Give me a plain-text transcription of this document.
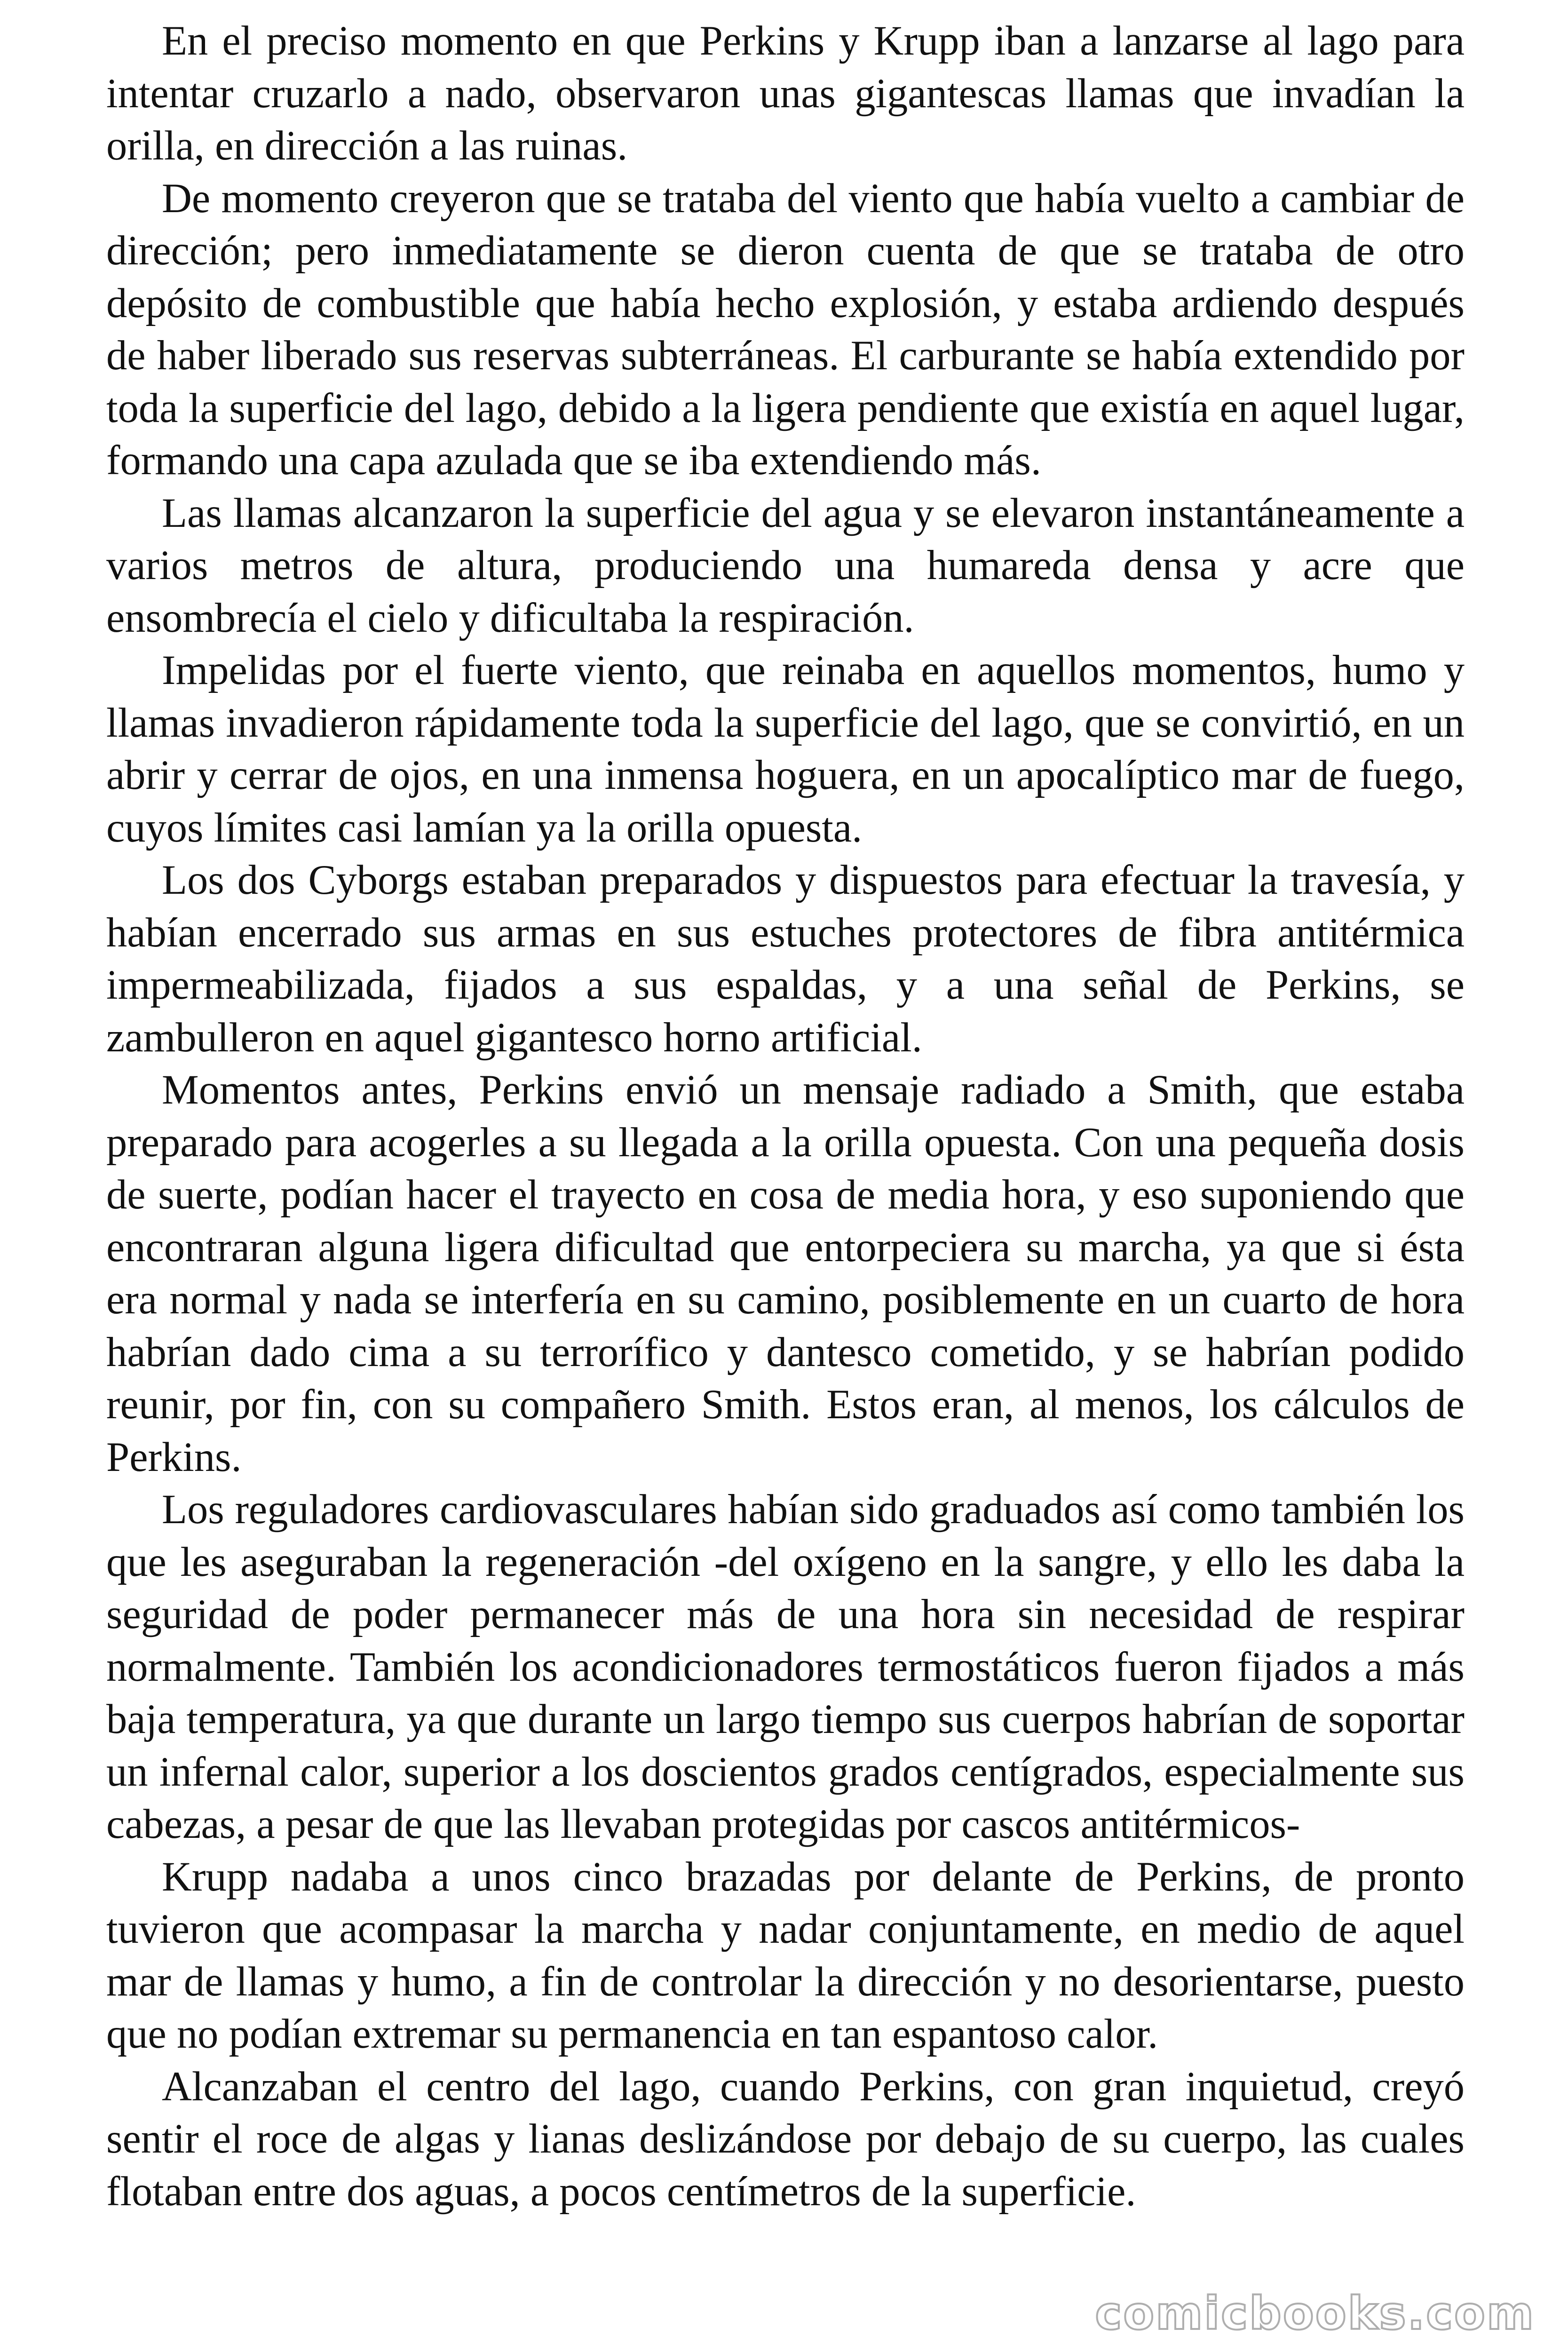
En el preciso momento en que Perkins y Krupp iban a lanzarse al lago para intentar cruzarlo a nado, observaron unas gigantescas llamas que invadían la orilla, en dirección a las ruinas.

De momento creyeron que se trataba del viento que había vuelto a cambiar de dirección; pero inmediatamente se dieron cuenta de que se trataba de otro depósito de combustible que había hecho explosión, y estaba ardiendo después de haber liberado sus reservas subterráneas. El carburante se había extendido por toda la superficie del lago, debido a la ligera pendiente que existía en aquel lugar, formando una capa azulada que se iba extendiendo más.

Las llamas alcanzaron la superficie del agua y se elevaron instantáneamente a varios metros de altura, produciendo una humareda densa y acre que ensombrecía el cielo y dificultaba la respiración.

Impelidas por el fuerte viento, que reinaba en aquellos momentos, humo y llamas invadieron rápidamente toda la superficie del lago, que se convirtió, en un abrir y cerrar de ojos, en una inmensa hoguera, en un apocalíptico mar de fuego, cuyos límites casi lamían ya la orilla opuesta.

Los dos Cyborgs estaban preparados y dispuestos para efectuar la travesía, y habían encerrado sus armas en sus estuches protectores de fibra antitérmica impermeabilizada, fijados a sus espaldas, y a una señal de Perkins, se zambulleron en aquel gigantesco horno artificial.

Momentos antes, Perkins envió un mensaje radiado a Smith, que estaba preparado para acogerles a su llegada a la orilla opuesta. Con una pequeña dosis de suerte, podían hacer el trayecto en cosa de media hora, y eso suponiendo que encontraran alguna ligera dificultad que entorpeciera su marcha, ya que si ésta era normal y nada se interfería en su camino, posiblemente en un cuarto de hora habrían dado cima a su terrorífico y dantesco cometido, y se habrían podido reunir, por fin, con su compañero Smith. Estos eran, al menos, los cálculos de Perkins.

Los reguladores cardiovasculares habían sido graduados así como también los que les aseguraban la regeneración -del oxígeno en la sangre, y ello les daba la seguridad de poder permanecer más de una hora sin necesidad de respirar normalmente. También los acondicionadores termostáticos fueron fijados a más baja temperatura, ya que durante un largo tiempo sus cuerpos habrían de soportar un infernal calor, superior a los doscientos grados centígrados, especialmente sus cabezas, a pesar de que las llevaban protegidas por cascos antitérmicos-

Krupp nadaba a unos cinco brazadas por delante de Perkins, de pronto tuvieron que acompasar la marcha y nadar conjuntamente, en medio de aquel mar de llamas y humo, a fin de controlar la dirección y no desorientarse, puesto que no podían extremar su permanencia en tan espantoso calor.

Alcanzaban el centro del lago, cuando Perkins, con gran inquietud, creyó sentir el roce de algas y lianas deslizándose por debajo de su cuerpo, las cuales flotaban entre dos aguas, a pocos centímetros de la superficie.

comicbooks.com
